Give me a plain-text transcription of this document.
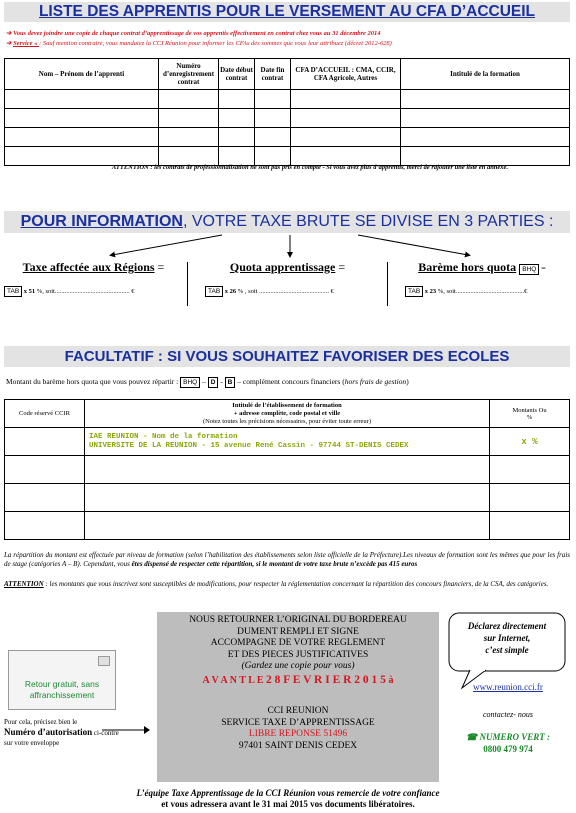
LISTE DES APPRENTIS POUR LE VERSEMENT AU CFA D’ACCUEIL
➔ Vous devez joindre une copie de chaque contrat d’apprentissage de vos apprentis effectivement en contrat chez vous au 31 décembre 2014
➔ Service « : Sauf mention contraire, vous mandatez la CCI Réunion pour informer les CFAs des sommes que vous leur attribuez (décret 2012-628)
Nom – Prénom de l’apprenti	Numéro d’enregistrement contrat	Date début contrat	Date fin contrat	CFA D’ACCUEIL : CMA, CCIR, CFA Agricole, Autres	Intitulé de la formation

ATTENTION : les contrats de professionnalisation ne sont pas pris en compte - Si vous avez plus d’apprentis, merci de rajouter une liste en annexe.
POUR INFORMATION, VOTRE TAXE BRUTE SE DIVISE EN 3 PARTIES :
Taxe affectée aux Régions =
TAB x 51 %, soit.............................................. €
Quota apprentissage =
TAB x 26 % , soit ........................................... €
Barème hors quota BHQ =
TAB x 23 %, soit..........................................€
FACULTATIF : SI VOUS SOUHAITEZ FAVORISER DES ECOLES
Montant du barème hors quota que vous pouvez répartir : BHQ – D - B – complément concours financiers (hors frais de gestion)
Code réservé CCIR	Intitulé de l’établissement de formation
+ adresse complète, code postal et ville
(Notez toutes les précisions nécessaires, pour éviter toute erreur)	Montants Ou %

	IAE REUNION - Nom de la formation
UNIVERSITE DE LA REUNION - 15 avenue René Cassin - 97744 ST-DENIS CEDEX	x %

La répartition du montant est effectuée par niveau de formation (selon l’habilitation des établissements selon liste officielle de la Préfecture).Les niveaux de formation sont les mêmes que pour les frais de stage (catégories A – B). Cependant, vous êtes dispensé de respecter cette répartition, si le montant de votre taxe brute n’excède pas 415 euros
ATTENTION : les montants que vous inscrivez sont susceptibles de modifications, pour respecter la réglementation concernant la répartition des concours financiers, de la CSA, des catégories.
Retour gratuit, sans
affranchissement
Pour cela, précisez bien le
Numéro d’autorisation ci-contre
sur votre enveloppe
NOUS RETOURNER L’ORIGINAL DU BORDEREAU
DUMENT REMPLI ET SIGNE
ACCOMPAGNE DE VOTRE REGLEMENT
ET DES PIECES JUSTIFICATIVES
(Gardez une copie pour vous)
A V A N T L E 2 8 F E V R I E R 2 0 1 5 à
CCI REUNION
SERVICE TAXE D’APPRENTISSAGE
LIBRE REPONSE 51496
97401 SAINT DENIS CEDEX
Déclarez directement
sur Internet,
c’est simple
www.reunion.cci.fr
contactez- nous
☎ NUMERO VERT :
0800 479 974
L’équipe Taxe Apprentissage de la CCI Réunion vous remercie de votre confiance
et vous adressera avant le 31 mai 2015 vos documents libératoires.
